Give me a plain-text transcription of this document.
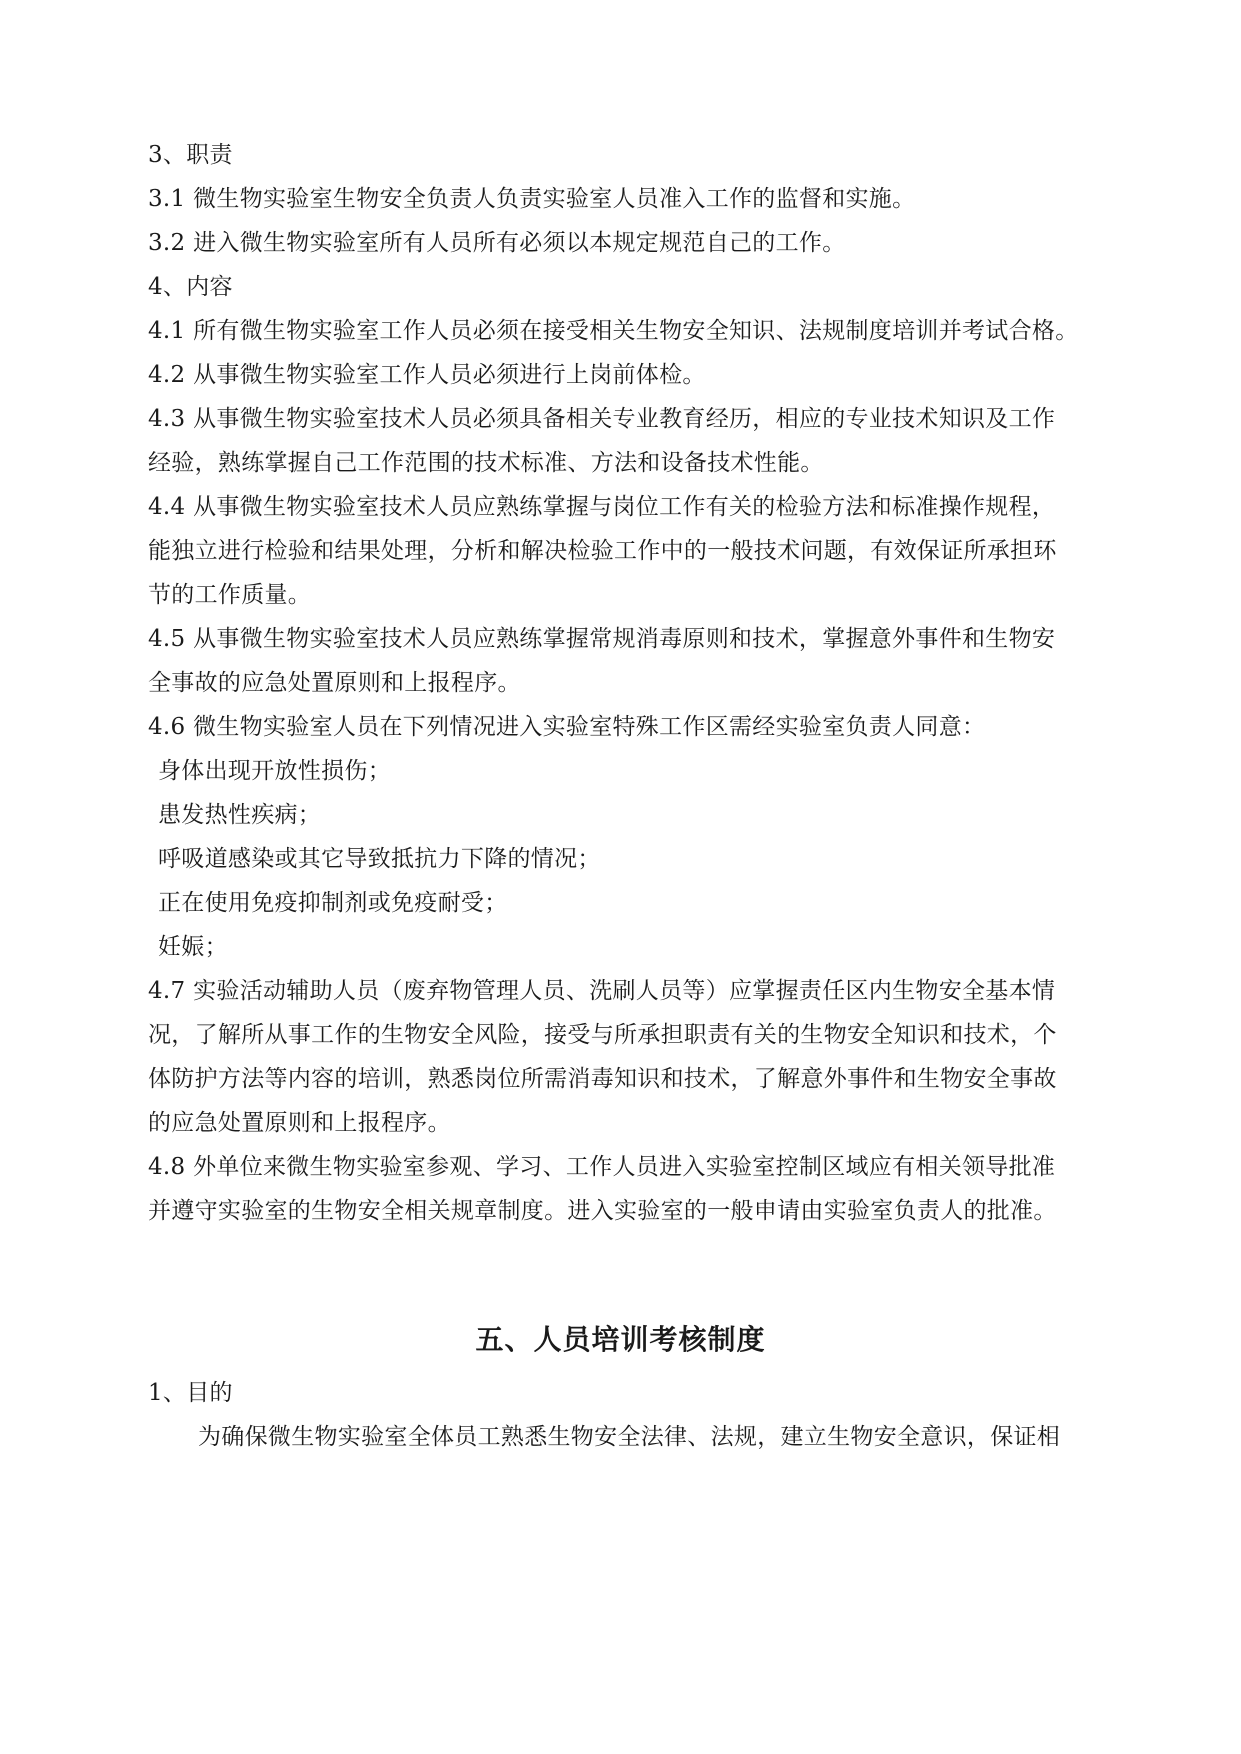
3、职责
3.1 微生物实验室生物安全负责人负责实验室人员准入工作的监督和实施。
3.2 进入微生物实验室所有人员所有必须以本规定规范自己的工作。
4、内容
4.1 所有微生物实验室工作人员必须在接受相关生物安全知识、法规制度培训并考试合格。
4.2 从事微生物实验室工作人员必须进行上岗前体检。
4.3 从事微生物实验室技术人员必须具备相关专业教育经历，相应的专业技术知识及工作
经验，熟练掌握自己工作范围的技术标准、方法和设备技术性能。
4.4 从事微生物实验室技术人员应熟练掌握与岗位工作有关的检验方法和标准操作规程，
能独立进行检验和结果处理，分析和解决检验工作中的一般技术问题，有效保证所承担环
节的工作质量。
4.5 从事微生物实验室技术人员应熟练掌握常规消毒原则和技术，掌握意外事件和生物安
全事故的应急处置原则和上报程序。
4.6 微生物实验室人员在下列情况进入实验室特殊工作区需经实验室负责人同意：
身体出现开放性损伤；
患发热性疾病；
呼吸道感染或其它导致抵抗力下降的情况；
正在使用免疫抑制剂或免疫耐受；
妊娠；
4.7 实验活动辅助人员（废弃物管理人员、洗刷人员等）应掌握责任区内生物安全基本情
况，了解所从事工作的生物安全风险，接受与所承担职责有关的生物安全知识和技术，个
体防护方法等内容的培训，熟悉岗位所需消毒知识和技术，了解意外事件和生物安全事故
的应急处置原则和上报程序。
4.8 外单位来微生物实验室参观、学习、工作人员进入实验室控制区域应有相关领导批准
并遵守实验室的生物安全相关规章制度。进入实验室的一般申请由实验室负责人的批准。
五、人员培训考核制度
1、目的
为确保微生物实验室全体员工熟悉生物安全法律、法规，建立生物安全意识，保证相
